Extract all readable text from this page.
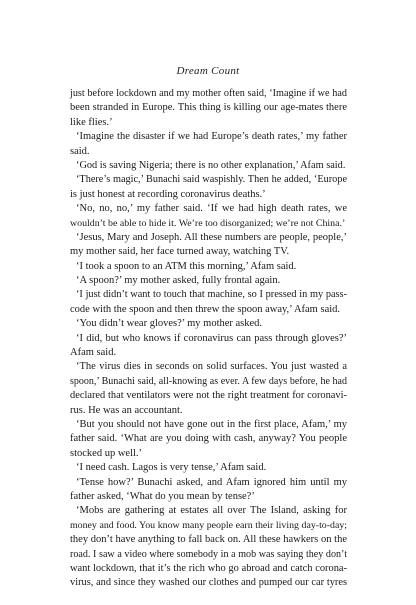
Dream Count
just before lockdown and my mother often said, ‘Imagine if we had
been stranded in Europe. This thing is killing our age-mates there
like flies.’
‘Imagine the disaster if we had Europe’s death rates,’ my father
said.
‘God is saving Nigeria; there is no other explanation,’ Afam said.
‘There’s magic,’ Bunachi said waspishly. Then he added, ‘Europe
is just honest at recording coronavirus deaths.’
‘No, no, no,’ my father said. ‘If we had high death rates, we
wouldn’t be able to hide it. We’re too disorganized; we’re not China.’
‘Jesus, Mary and Joseph. All these numbers are people, people,’
my mother said, her face turned away, watching TV.
‘I took a spoon to an ATM this morning,’ Afam said.
‘A spoon?’ my mother asked, fully frontal again.
‘I just didn’t want to touch that machine, so I pressed in my pass-
code with the spoon and then threw the spoon away,’ Afam said.
‘You didn’t wear gloves?’ my mother asked.
‘I did, but who knows if coronavirus can pass through gloves?’
Afam said.
‘The virus dies in seconds on solid surfaces. You just wasted a
spoon,’ Bunachi said, all-knowing as ever. A few days before, he had
declared that ventilators were not the right treatment for coronavi-
rus. He was an accountant.
‘But you should not have gone out in the first place, Afam,’ my
father said. ‘What are you doing with cash, anyway? You people
stocked up well.’
‘I need cash. Lagos is very tense,’ Afam said.
‘Tense how?’ Bunachi asked, and Afam ignored him until my
father asked, ‘What do you mean by tense?’
‘Mobs are gathering at estates all over The Island, asking for
money and food. You know many people earn their living day-to-day;
they don’t have anything to fall back on. All these hawkers on the
road. I saw a video where somebody in a mob was saying they don’t
want lockdown, that it’s the rich who go abroad and catch corona-
virus, and since they washed our clothes and pumped our car tyres
